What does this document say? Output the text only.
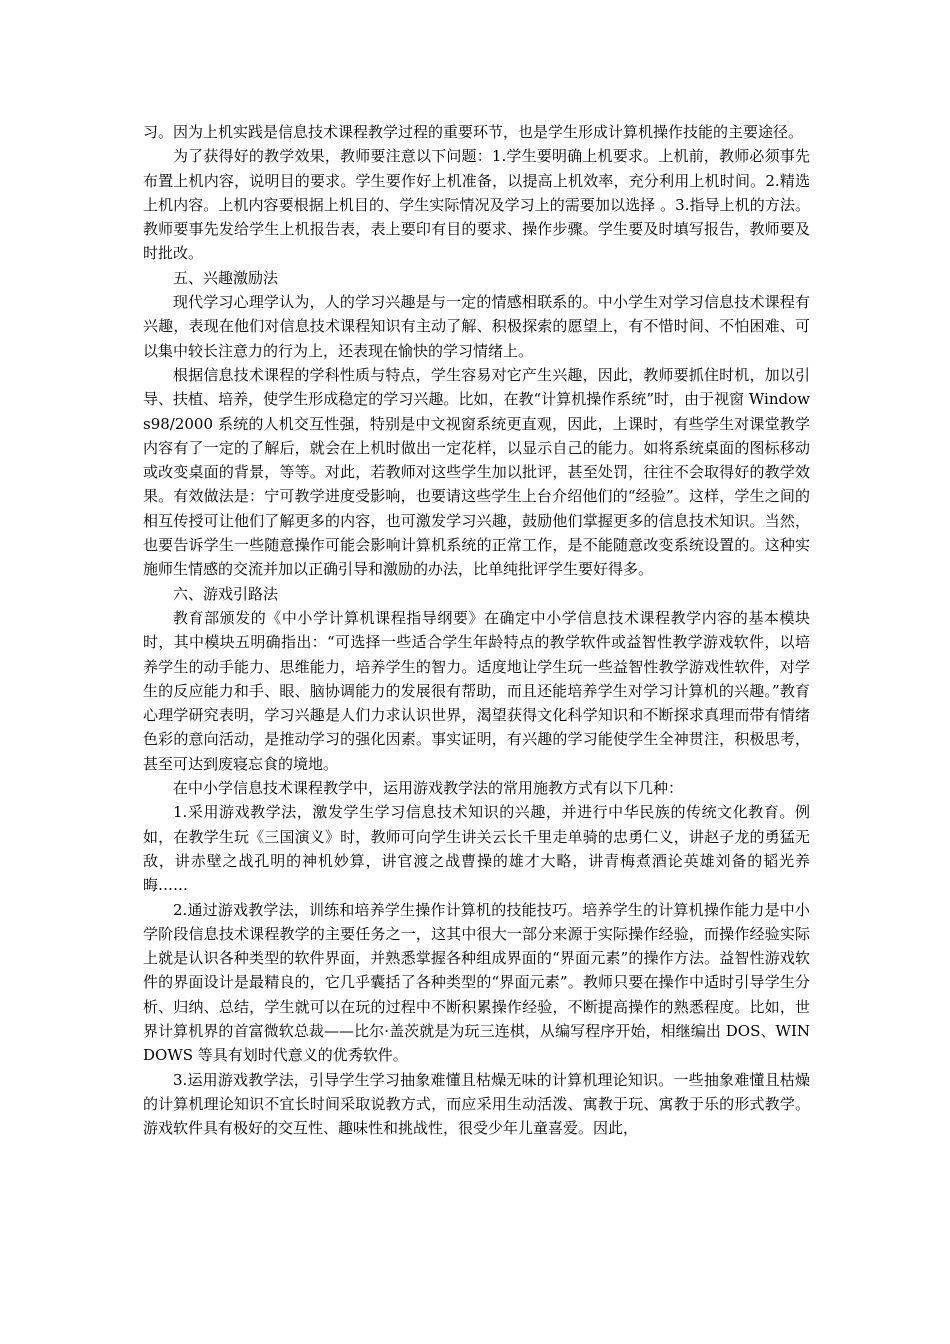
习。因为上机实践是信息技术课程教学过程的重要环节，也是学生形成计算机操作技能的主要途径。

为了获得好的教学效果，教师要注意以下问题：1.学生要明确上机要求。上机前，教师必须事先布置上机内容，说明目的要求。学生要作好上机准备，以提高上机效率，充分利用上机时间。2.精选上机内容。上机内容要根据上机目的、学生实际情况及学习上的需要加以选择 。3.指导上机的方法。教师要事先发给学生上机报告表，表上要印有目的要求、操作步骤。学生要及时填写报告，教师要及时批改。

五、兴趣激励法

现代学习心理学认为，人的学习兴趣是与一定的情感相联系的。中小学生对学习信息技术课程有兴趣，表现在他们对信息技术课程知识有主动了解、积极探索的愿望上，有不惜时间、不怕困难、可以集中较长注意力的行为上，还表现在愉快的学习情绪上。

根据信息技术课程的学科性质与特点，学生容易对它产生兴趣，因此，教师要抓住时机，加以引导、扶植、培养，使学生形成稳定的学习兴趣。比如，在教“计算机操作系统”时，由于视窗 Windows98/2000 系统的人机交互性强，特别是中文视窗系统更直观，因此，上课时，有些学生对课堂教学内容有了一定的了解后，就会在上机时做出一定花样，以显示自己的能力。如将系统桌面的图标移动或改变桌面的背景，等等。对此，若教师对这些学生加以批评，甚至处罚，往往不会取得好的教学效果。有效做法是：宁可教学进度受影响，也要请这些学生上台介绍他们的“经验”。这样，学生之间的相互传授可让他们了解更多的内容，也可激发学习兴趣，鼓励他们掌握更多的信息技术知识。当然，也要告诉学生一些随意操作可能会影响计算机系统的正常工作，是不能随意改变系统设置的。这种实施师生情感的交流并加以正确引导和激励的办法，比单纯批评学生要好得多。

六、游戏引路法

教育部颁发的《中小学计算机课程指导纲要》在确定中小学信息技术课程教学内容的基本模块时，其中模块五明确指出：“可选择一些适合学生年龄特点的教学软件或益智性教学游戏软件，以培养学生的动手能力、思维能力，培养学生的智力。适度地让学生玩一些益智性教学游戏性软件，对学生的反应能力和手、眼、脑协调能力的发展很有帮助，而且还能培养学生对学习计算机的兴趣。”教育心理学研究表明，学习兴趣是人们力求认识世界，渴望获得文化科学知识和不断探求真理而带有情绪色彩的意向活动，是推动学习的强化因素。事实证明，有兴趣的学习能使学生全神贯注，积极思考，甚至可达到废寝忘食的境地。

在中小学信息技术课程教学中，运用游戏教学法的常用施教方式有以下几种：

1.采用游戏教学法，激发学生学习信息技术知识的兴趣，并进行中华民族的传统文化教育。例如，在教学生玩《三国演义》时，教师可向学生讲关云长千里走单骑的忠勇仁义，讲赵子龙的勇猛无敌，讲赤壁之战孔明的神机妙算，讲官渡之战曹操的雄才大略，讲青梅煮酒论英雄刘备的韬光养晦……

2.通过游戏教学法，训练和培养学生操作计算机的技能技巧。培养学生的计算机操作能力是中小学阶段信息技术课程教学的主要任务之一，这其中很大一部分来源于实际操作经验，而操作经验实际上就是认识各种类型的软件界面，并熟悉掌握各种组成界面的“界面元素”的操作方法。益智性游戏软件的界面设计是最精良的，它几乎囊括了各种类型的“界面元素”。教师只要在操作中适时引导学生分析、归纳、总结，学生就可以在玩的过程中不断积累操作经验，不断提高操作的熟悉程度。比如，世界计算机界的首富微软总裁——比尔·盖茨就是为玩三连棋，从编写程序开始，相继编出 DOS、WINDOWS 等具有划时代意义的优秀软件。

3.运用游戏教学法，引导学生学习抽象难懂且枯燥无味的计算机理论知识。一些抽象难懂且枯燥的计算机理论知识不宜长时间采取说教方式，而应采用生动活泼、寓教于玩、寓教于乐的形式教学。游戏软件具有极好的交互性、趣味性和挑战性，很受少年儿童喜爱。因此，
